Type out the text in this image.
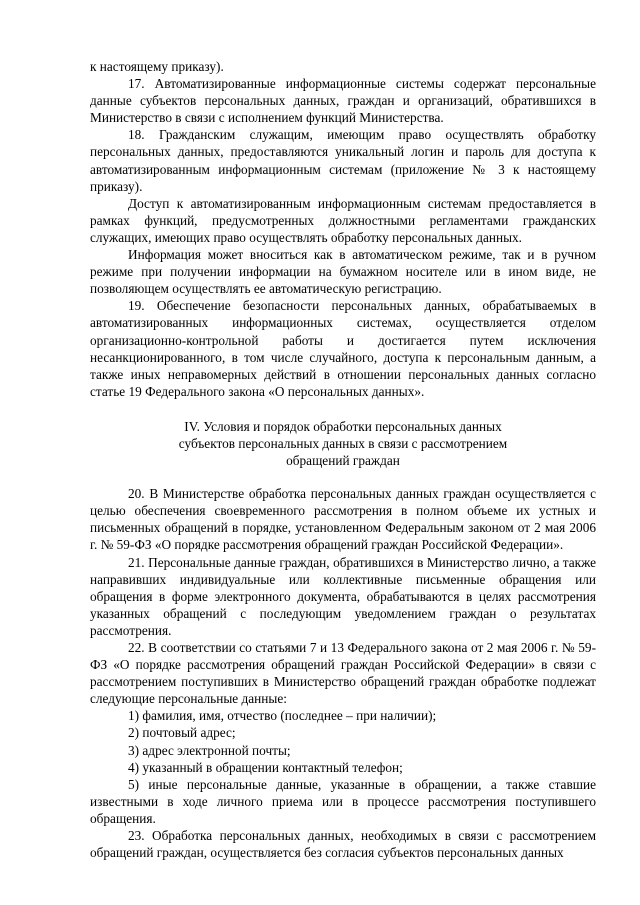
к настоящему приказу).

17. Автоматизированные информационные системы содержат персональные данные субъектов персональных данных, граждан и организаций, обратившихся в Министерство в связи с исполнением функций Министерства.

18. Гражданским служащим, имеющим право осуществлять обработку персональных данных, предоставляются уникальный логин и пароль для доступа к автоматизированным информационным системам (приложение № 3 к настоящему приказу).

Доступ к автоматизированным информационным системам предоставляется в рамках функций, предусмотренных должностными регламентами гражданских служащих, имеющих право осуществлять обработку персональных данных.

Информация может вноситься как в автоматическом режиме, так и в ручном режиме при получении информации на бумажном носителе или в ином виде, не позволяющем осуществлять ее автоматическую регистрацию.

19. Обеспечение безопасности персональных данных, обрабатываемых в автоматизированных информационных системах, осуществляется отделом организационно-контрольной работы и достигается путем исключения несанкционированного, в том числе случайного, доступа к персональным данным, а также иных неправомерных действий в отношении персональных данных согласно статье 19 Федерального закона «О персональных данных».

IV. Условия и порядок обработки персональных данных
субъектов персональных данных в связи с рассмотрением
обращений граждан

20. В Министерстве обработка персональных данных граждан осуществляется с целью обеспечения своевременного рассмотрения в полном объеме их устных и письменных обращений в порядке, установленном Федеральным законом от 2 мая 2006 г. № 59-ФЗ «О порядке рассмотрения обращений граждан Российской Федерации».

21. Персональные данные граждан, обратившихся в Министерство лично, а также направивших индивидуальные или коллективные письменные обращения или обращения в форме электронного документа, обрабатываются в целях рассмотрения указанных обращений с последующим уведомлением граждан о результатах рассмотрения.

22. В соответствии со статьями 7 и 13 Федерального закона от 2 мая 2006 г. № 59-ФЗ «О порядке рассмотрения обращений граждан Российской Федерации» в связи с рассмотрением поступивших в Министерство обращений граждан обработке подлежат следующие персональные данные:

1) фамилия, имя, отчество (последнее – при наличии);

2) почтовый адрес;

3) адрес электронной почты;

4) указанный в обращении контактный телефон;

5) иные персональные данные, указанные в обращении, а также ставшие известными в ходе личного приема или в процессе рассмотрения поступившего обращения.

23. Обработка персональных данных, необходимых в связи с рассмотрением обращений граждан, осуществляется без согласия субъектов персональных данных
